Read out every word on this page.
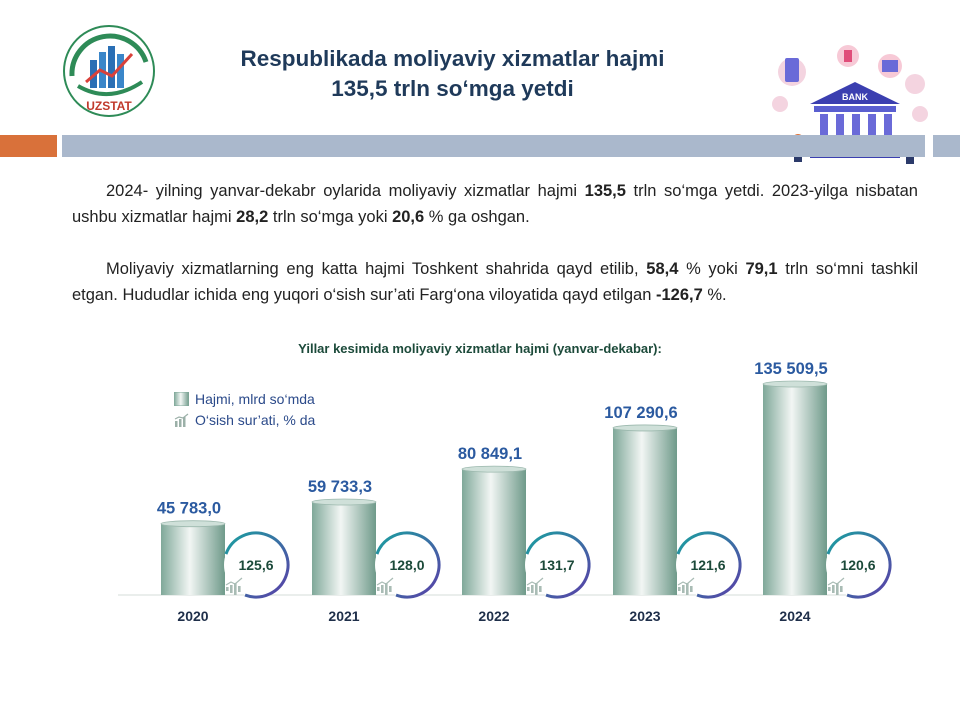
UZSTAT
Respublikada moliyaviy xizmatlar hajmi
135,5 trln so‘mga yetdi	BANK
2024- yilning yanvar-dekabr oylarida moliyaviy xizmatlar hajmi 135,5 trln so‘mga yetdi. 2023-yilga nisbatan ushbu xizmatlar hajmi 28,2 trln so‘mga yoki 20,6 % ga oshgan.
Moliyaviy xizmatlarning eng katta hajmi Toshkent shahrida qayd etilib, 58,4 % yoki 79,1 trln so‘mni tashkil etgan. Hududlar ichida eng yuqori o‘sish sur’ati Farg‘ona viloyatida qayd etilgan -126,7 %.
Yillar kesimida moliyaviy xizmatlar hajmi (yanvar-dekabar):
45 783,0
2020
125,6
59 733,3
2021
128,0
80 849,1
2022
131,7
107 290,6
2023
121,6
135 509,5
2024
120,6
Hajmi, mlrd so‘mda
O‘sish sur’ati, % da
